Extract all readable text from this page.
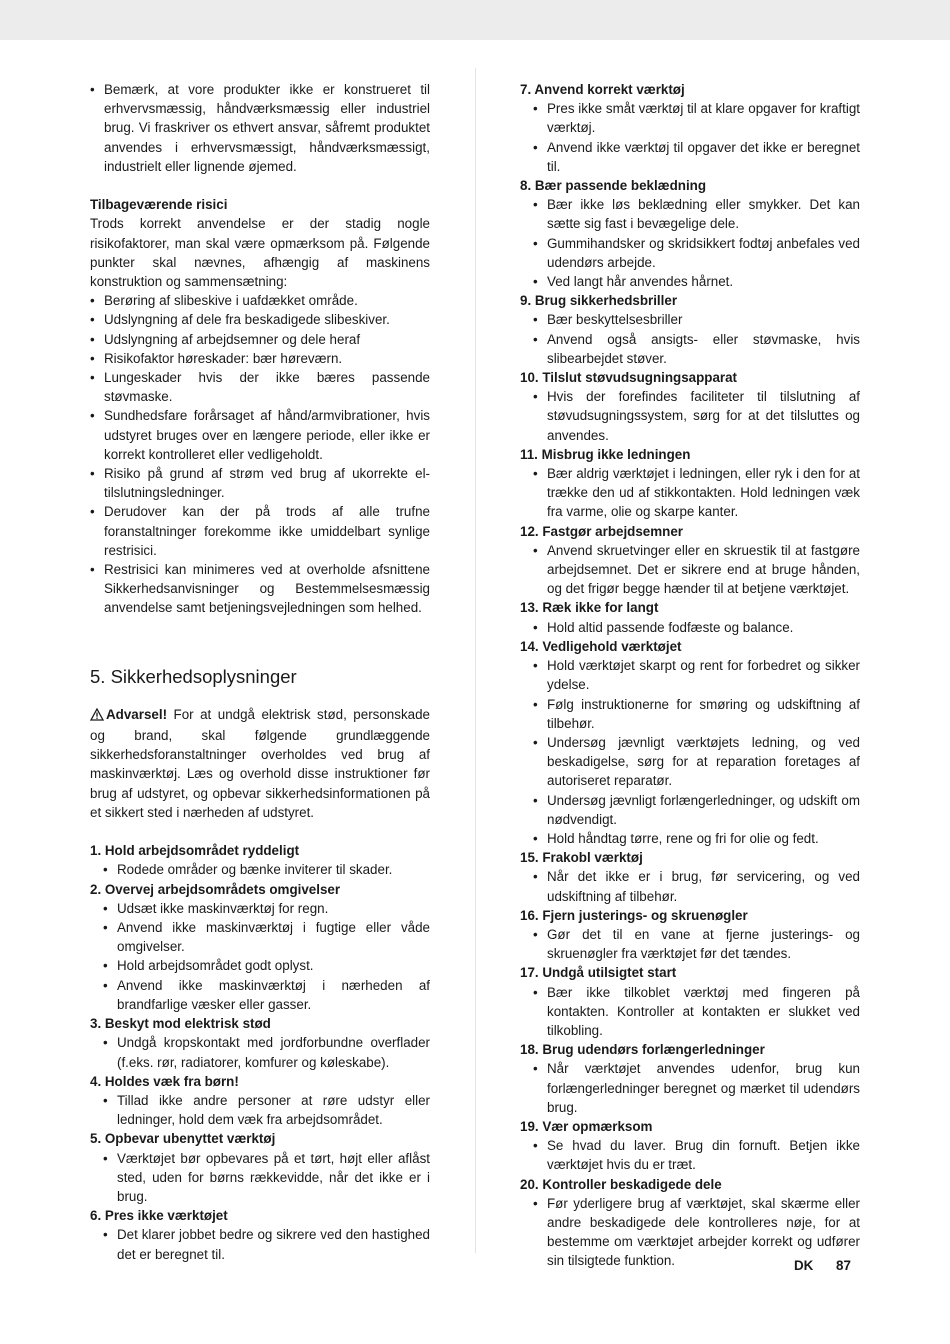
• Bemærk, at vore produkter ikke er konstrueret til erhvervsmæssig, håndværksmæssig eller industriel brug. Vi fraskriver os ethvert ansvar, såfremt produktet anvendes i erhvervsmæssigt, håndværksmæssigt, industrielt eller lignende øjemed.

Tilbageværende risici

Trods korrekt anvendelse er der stadig nogle risikofaktorer, man skal være opmærksom på. Følgende punkter skal nævnes, afhængig af maskinens konstruktion og sammensætning:

• Berøring af slibeskive i uafdækket område.
• Udslyngning af dele fra beskadigede slibeskiver.
• Udslyngning af arbejdsemner og dele heraf
• Risikofaktor høreskader: bær høreværn.
• Lungeskader hvis der ikke bæres passende støvmaske.
• Sundhedsfare forårsaget af hånd/armvibrationer, hvis udstyret bruges over en længere periode, eller ikke er korrekt kontrolleret eller vedligeholdt.
• Risiko på grund af strøm ved brug af ukorrekte el-tilslutningsledninger.
• Derudover kan der på trods af alle trufne foranstaltninger forekomme ikke umiddelbart synlige restrisici.
• Restrisici kan minimeres ved at overholde afsnittene Sikkerhedsanvisninger og Bestemmelsesmæssig anvendelse samt betjeningsvejledningen som helhed.
5. Sikkerhedsoplysninger

Advarsel! For at undgå elektrisk stød, personskade og brand, skal følgende grundlæggende sikkerhedsforanstaltninger overholdes ved brug af maskinværktøj. Læs og overhold disse instruktioner før brug af udstyret, og opbevar sikkerhedsinformationen på et sikkert sted i nærheden af udstyret.

1. Hold arbejdsområdet ryddeligt

• Rodede områder og bænke inviterer til skader.

2. Overvej arbejdsområdets omgivelser

• Udsæt ikke maskinværktøj for regn.
• Anvend ikke maskinværktøj i fugtige eller våde omgivelser.
• Hold arbejdsområdet godt oplyst.
• Anvend ikke maskinværktøj i nærheden af brandfarlige væsker eller gasser.

3. Beskyt mod elektrisk stød

• Undgå kropskontakt med jordforbundne overflader (f.eks. rør, radiatorer, komfurer og køleskabe).

4. Holdes væk fra børn!

• Tillad ikke andre personer at røre udstyr eller ledninger, hold dem væk fra arbejdsområdet.

5. Opbevar ubenyttet værktøj

• Værktøjet bør opbevares på et tørt, højt eller aflåst sted, uden for børns rækkevidde, når det ikke er i brug.

6. Pres ikke værktøjet

• Det klarer jobbet bedre og sikrere ved den hastighed det er beregnet til.

7. Anvend korrekt værktøj

• Pres ikke småt værktøj til at klare opgaver for kraftigt værktøj.
• Anvend ikke værktøj til opgaver det ikke er beregnet til.

8. Bær passende beklædning

• Bær ikke løs beklædning eller smykker. Det kan sætte sig fast i bevægelige dele.
• Gummihandsker og skridsikkert fodtøj anbefales ved udendørs arbejde.
• Ved langt hår anvendes hårnet.

9. Brug sikkerhedsbriller

• Bær beskyttelsesbriller
• Anvend også ansigts- eller støvmaske, hvis slibearbejdet støver.

10. Tilslut støvudsugningsapparat

• Hvis der forefindes faciliteter til tilslutning af støvudsugningssystem, sørg for at det tilsluttes og anvendes.

11. Misbrug ikke ledningen

• Bær aldrig værktøjet i ledningen, eller ryk i den for at trække den ud af stikkontakten. Hold ledningen væk fra varme, olie og skarpe kanter.

12. Fastgør arbejdsemner

• Anvend skruetvinger eller en skruestik til at fastgøre arbejdsemnet. Det er sikrere end at bruge hånden, og det frigør begge hænder til at betjene værktøjet.

13. Ræk ikke for langt

• Hold altid passende fodfæste og balance.

14. Vedligehold værktøjet

• Hold værktøjet skarpt og rent for forbedret og sikker ydelse.
• Følg instruktionerne for smøring og udskiftning af tilbehør.
• Undersøg jævnligt værktøjets ledning, og ved beskadigelse, sørg for at reparation foretages af autoriseret reparatør.
• Undersøg jævnligt forlængerledninger, og udskift om nødvendigt.
• Hold håndtag tørre, rene og fri for olie og fedt.

15. Frakobl værktøj

• Når det ikke er i brug, før servicering, og ved udskiftning af tilbehør.

16. Fjern justerings- og skruenøgler

• Gør det til en vane at fjerne justerings- og skruenøgler fra værktøjet før det tændes.

17. Undgå utilsigtet start

• Bær ikke tilkoblet værktøj med fingeren på kontakten. Kontroller at kontakten er slukket ved tilkobling.

18. Brug udendørs forlængerledninger

• Når værktøjet anvendes udenfor, brug kun forlængerledninger beregnet og mærket til udendørs brug.

19. Vær opmærksom

• Se hvad du laver. Brug din fornuft. Betjen ikke værktøjet hvis du er træt.

20. Kontroller beskadigede dele

• Før yderligere brug af værktøjet, skal skærme eller andre beskadigede dele kontrolleres nøje, for at bestemme om værktøjet arbejder korrekt og udfører sin tilsigtede funktion.	DK 87
